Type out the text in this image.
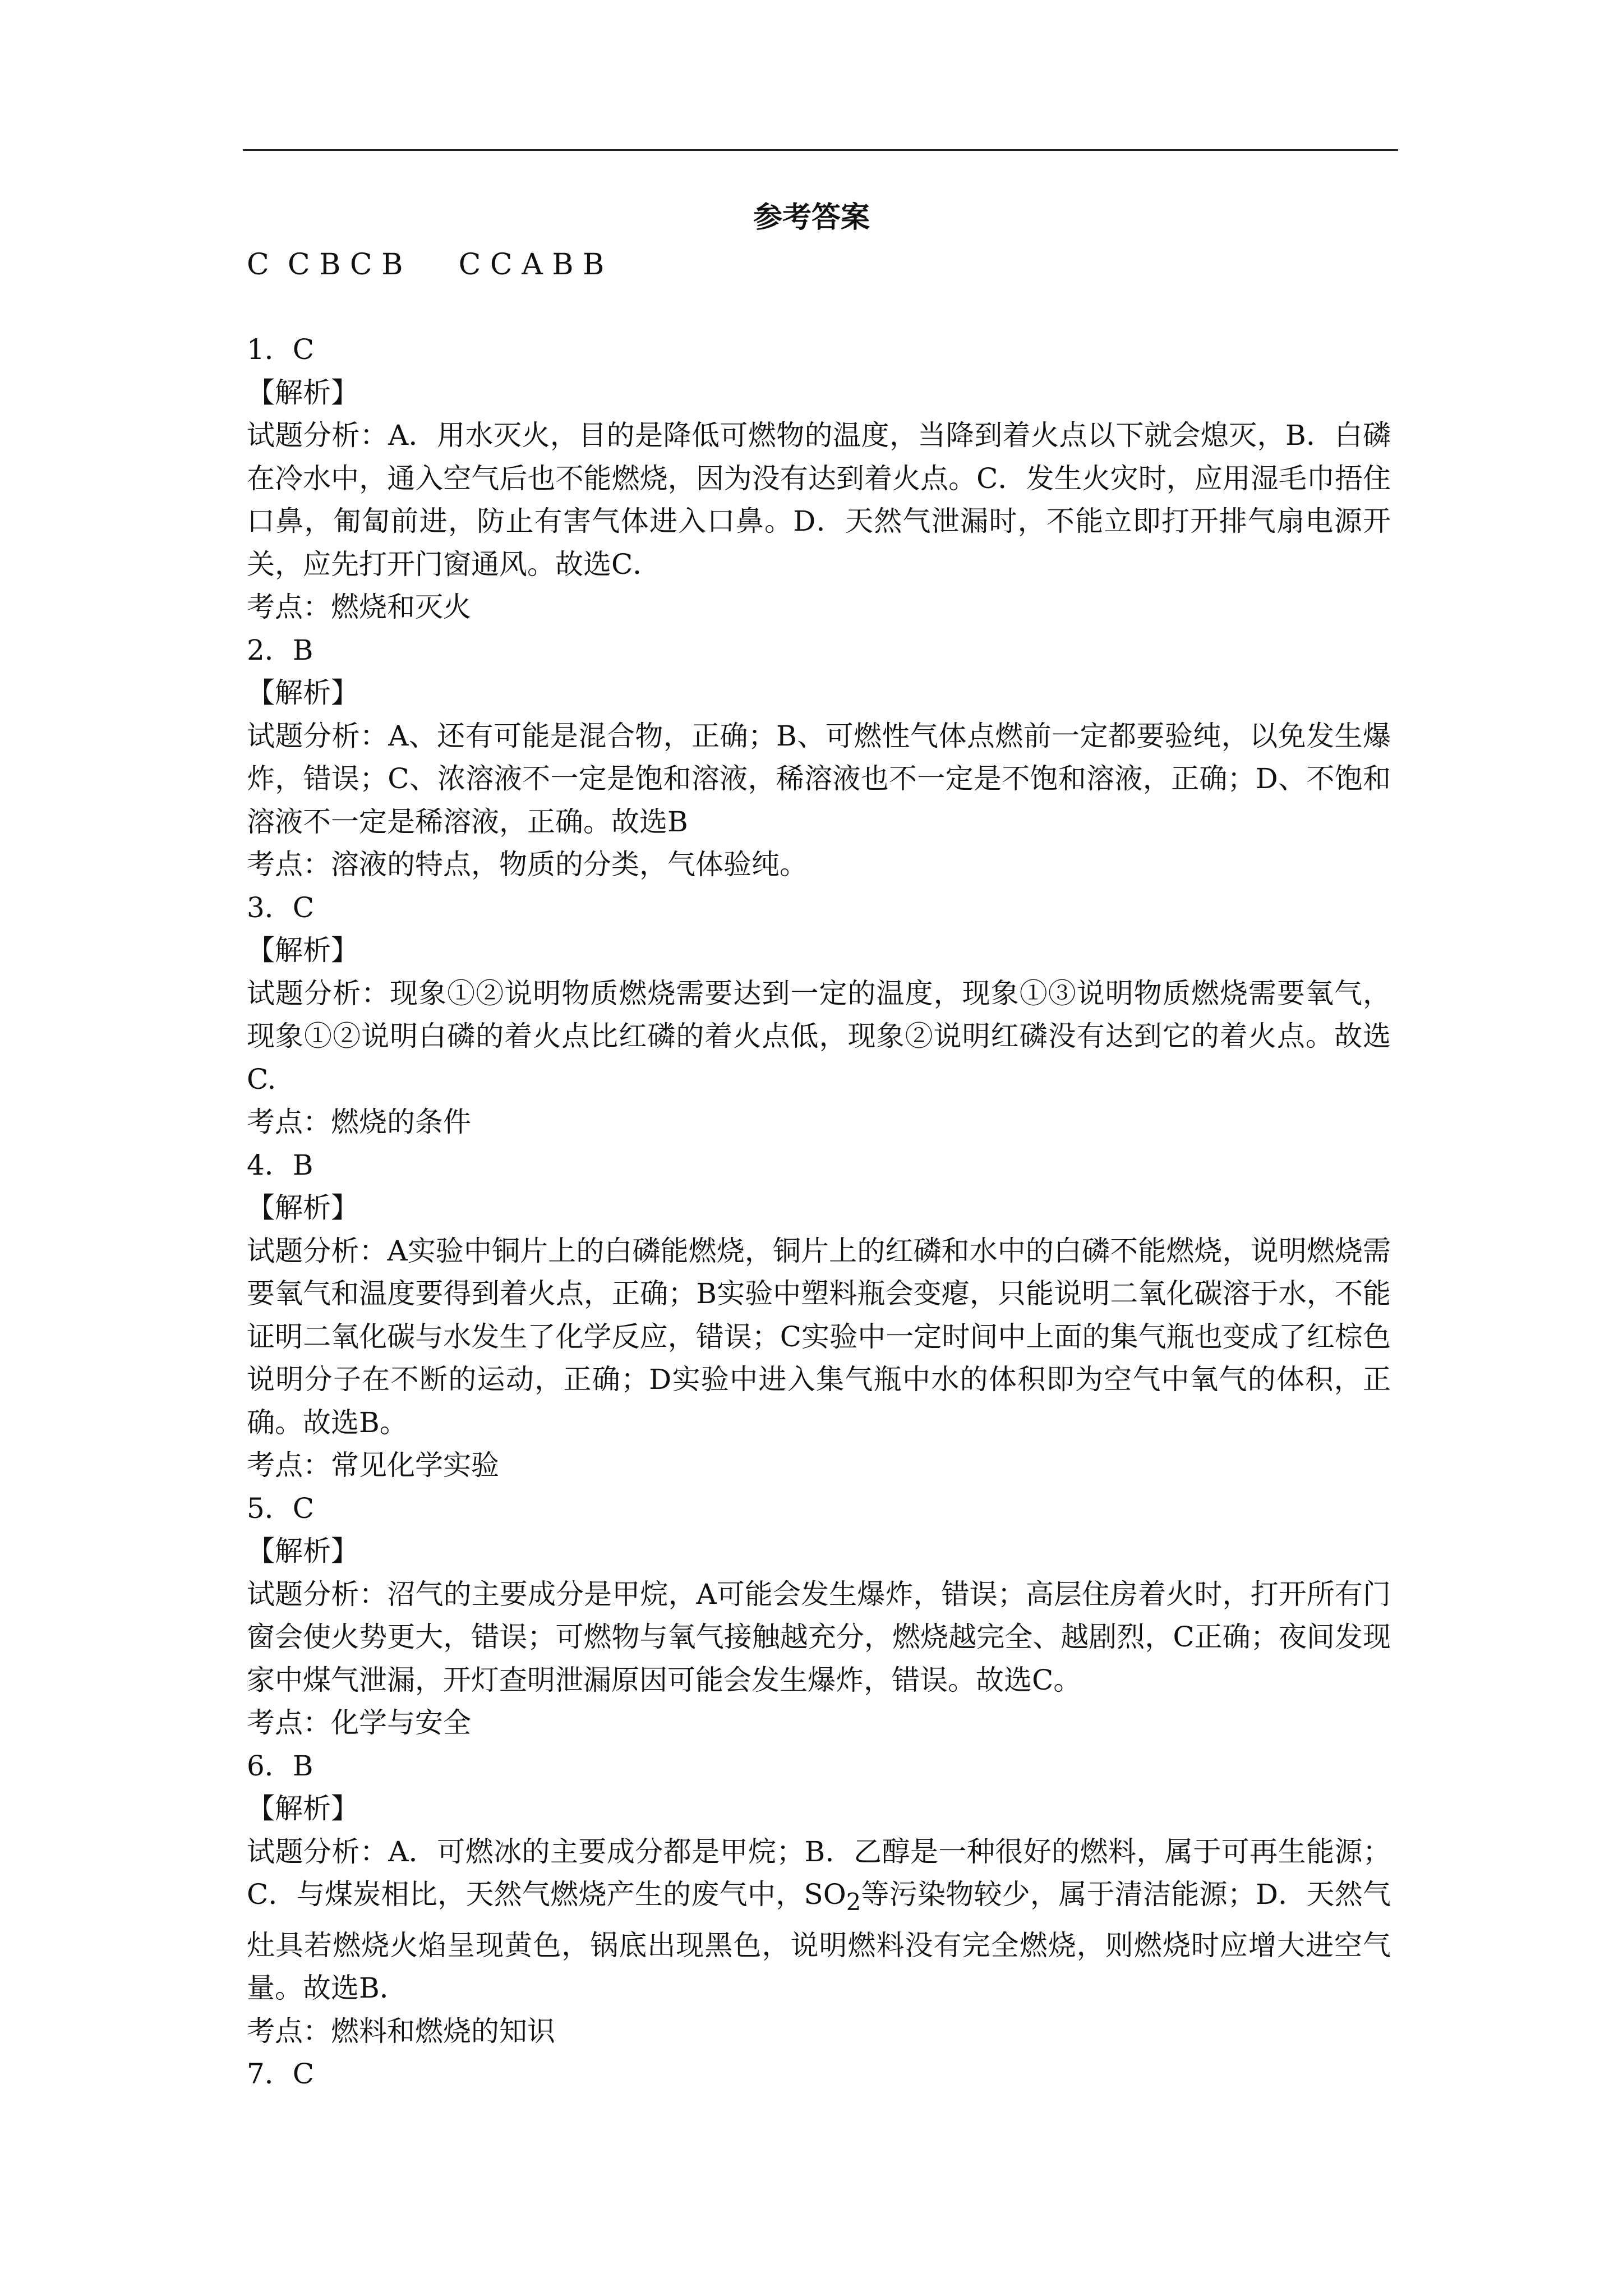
参考答案
C  C B C B      C C A B B
1．C
【解析】

试题分析：A．用水灭火，目的是降低可燃物的温度，当降到着火点以下就会熄灭，B．白磷在冷水中，通入空气后也不能燃烧，因为没有达到着火点。C．发生火灾时，应用湿毛巾捂住口鼻，匍匐前进，防止有害气体进入口鼻。D．天然气泄漏时，不能立即打开排气扇电源开关，应先打开门窗通风。故选C．

考点：燃烧和灭火
2．B
【解析】

试题分析：A、还有可能是混合物，正确；B、可燃性气体点燃前一定都要验纯，以免发生爆炸，错误；C、浓溶液不一定是饱和溶液，稀溶液也不一定是不饱和溶液，正确；D、不饱和溶液不一定是稀溶液，正确。故选B

考点：溶液的特点，物质的分类，气体验纯。
3．C
【解析】

试题分析：现象①②说明物质燃烧需要达到一定的温度，现象①③说明物质燃烧需要氧气，现象①②说明白磷的着火点比红磷的着火点低，现象②说明红磷没有达到它的着火点。故选C.

考点：燃烧的条件
4．B
【解析】

试题分析：A实验中铜片上的白磷能燃烧，铜片上的红磷和水中的白磷不能燃烧，说明燃烧需要氧气和温度要得到着火点，正确；B实验中塑料瓶会变瘪，只能说明二氧化碳溶于水，不能证明二氧化碳与水发生了化学反应，错误；C实验中一定时间中上面的集气瓶也变成了红棕色说明分子在不断的运动，正确；D实验中进入集气瓶中水的体积即为空气中氧气的体积，正确。故选B。

考点：常见化学实验
5．C
【解析】

试题分析：沼气的主要成分是甲烷，A可能会发生爆炸，错误；高层住房着火时，打开所有门窗会使火势更大，错误；可燃物与氧气接触越充分，燃烧越完全、越剧烈，C正确；夜间发现家中煤气泄漏，开灯查明泄漏原因可能会发生爆炸，错误。故选C。

考点：化学与安全
6．B
【解析】

试题分析：A．可燃冰的主要成分都是甲烷；B．乙醇是一种很好的燃料，属于可再生能源；C．与煤炭相比，天然气燃烧产生的废气中，$SO_2$等污染物较少，属于清洁能源；D．天然气灶具若燃烧火焰呈现黄色，锅底出现黑色，说明燃料没有完全燃烧，则燃烧时应增大进空气量。故选B．

考点：燃料和燃烧的知识
7．C
